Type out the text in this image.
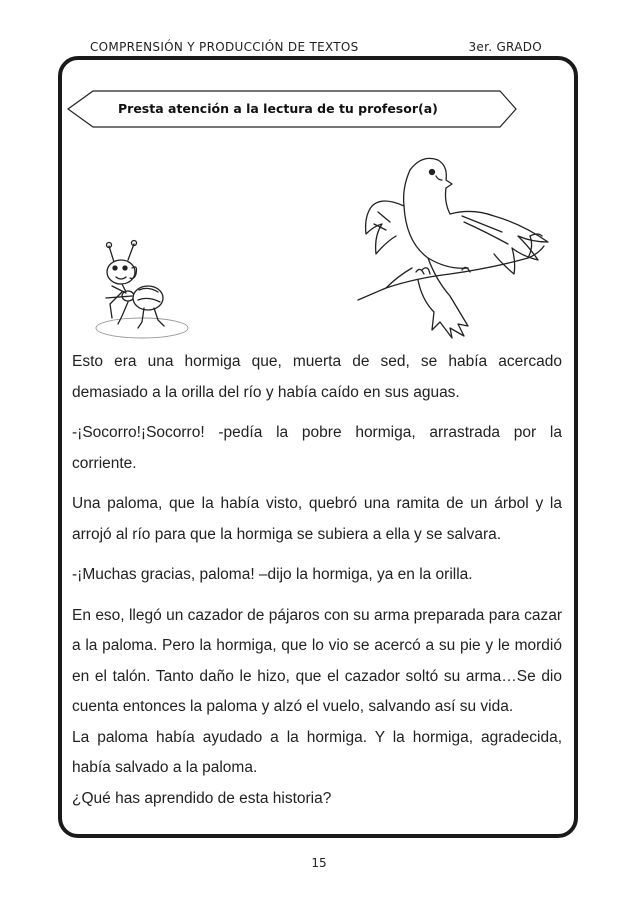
COMPRENSIÓN Y PRODUCCIÓN DE TEXTOS	3er. GRADO
Presta atención a la lectura de tu profesor(a)

Esto era una hormiga que, muerta de sed, se había acercado demasiado a la orilla del río y había caído en sus aguas.

-¡Socorro!¡Socorro! -pedía la pobre hormiga, arrastrada por la corriente.

Una paloma, que la había visto, quebró una ramita de un árbol y la arrojó al río para que la hormiga se subiera a ella y se salvara.

-¡Muchas gracias, paloma! –dijo la hormiga, ya en la orilla.

En eso, llegó un cazador de pájaros con su arma preparada para cazar a la paloma. Pero la hormiga, que lo vio se acercó a su pie y le mordió en el talón. Tanto daño le hizo, que el cazador soltó su arma…Se dio cuenta entonces la paloma y alzó el vuelo, salvando así su vida.

La paloma había ayudado a la hormiga. Y la hormiga, agradecida, había salvado a la paloma.

¿Qué has aprendido de esta historia?

15
